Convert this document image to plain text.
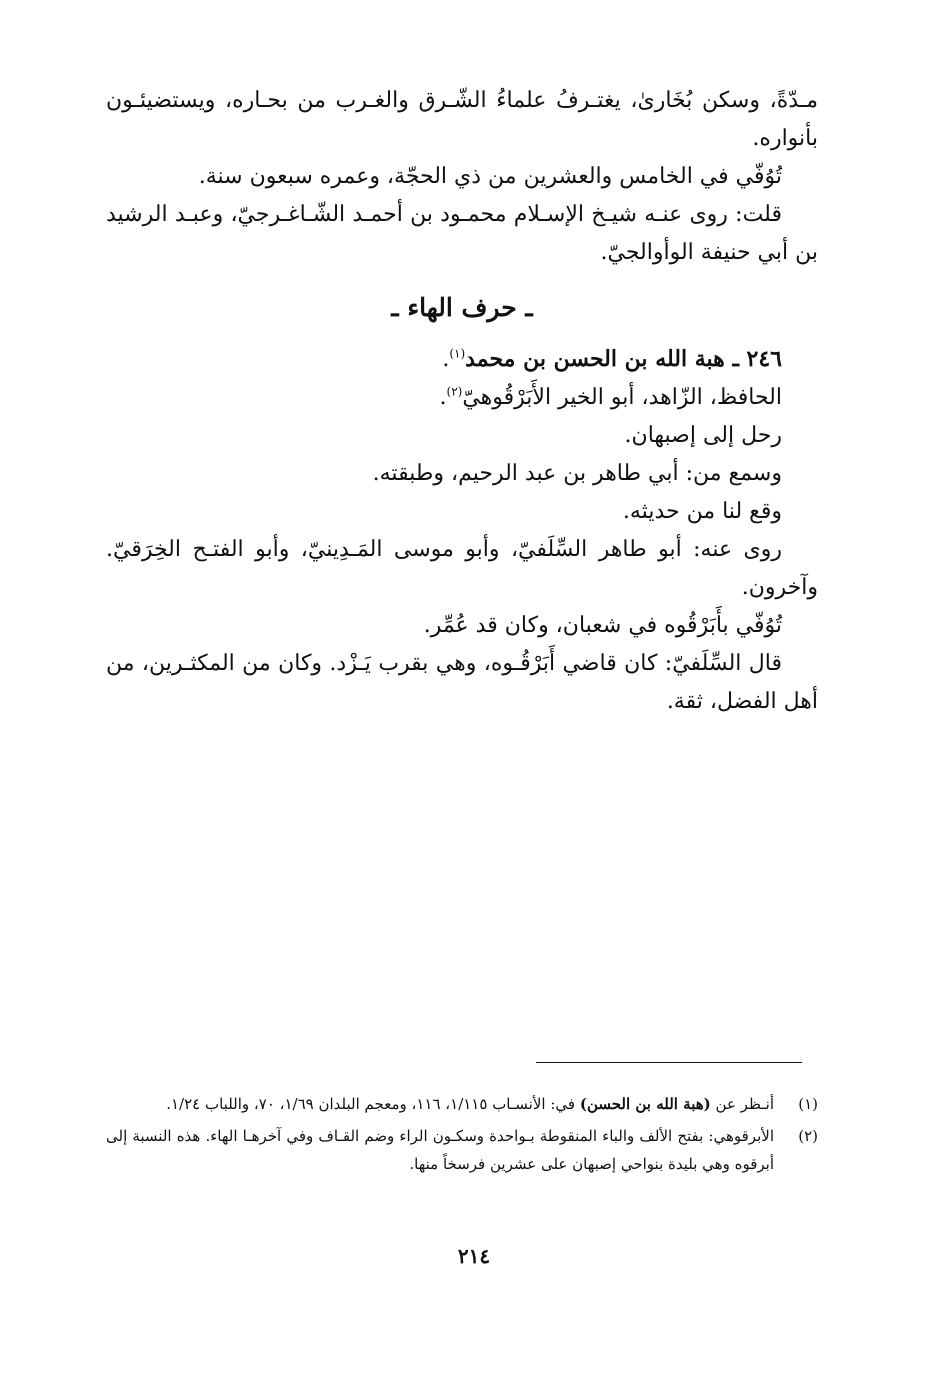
مـدّةً، وسكن بُخَارىٰ، يغتـرفُ علماءُ الشّـرق والغـرب من بحـاره، ويستضيئـون بأنواره.

تُوُفّي في الخامس والعشرين من ذي الحجّة، وعمره سبعون سنة.

قلت: روى عنـه شيـخ الإسـلام محمـود بن أحمـد الشّـاغـرجيّ، وعبـد الرشيد بن أبي حنيفة الوأوالجيّ.

ـ حرف الهاء ـ

٢٤٦ ـ هبة الله بن الحسن بن محمد$^{(١)}$.

الحافظ، الزّاهد، أبو الخير الأَبَرْقُوهيّ$^{(٢)}$.

رحل إلى إصبهان.

وسمع من: أبي طاهر بن عبد الرحيم، وطبقته.

وقع لنا من حديثه.

روى عنه: أبو طاهر السِّلَفيّ، وأبو موسى المَـدِينيّ، وأبو الفتـح الخِرَقيّ. وآخرون.

تُوُفّي بأَبَرْقُوه في شعبان، وكان قد عُمِّر.

قال السِّلَفيّ: كان قاضي أَبَرْقُـوه، وهي بقرب يَـزْد. وكان من المكثـرين، من أهل الفضل، ثقة.

(١)
أنـظر عن (هبة الله بن الحسن) في: الأنسـاب ١/١١٥، ١١٦، ومعجم البلدان ١/٦٩، ٧٠، واللباب ١/٢٤.
(٢)
الأبرقوهي: بفتح الألف والباء المنقوطة بـواحدة وسكـون الراء وضم القـاف وفي آخرهـا الهاء. هذه النسبة إلى أبرقوه وهي بليدة بنواحي إصبهان على عشرين فرسخاً منها.
٢١٤
